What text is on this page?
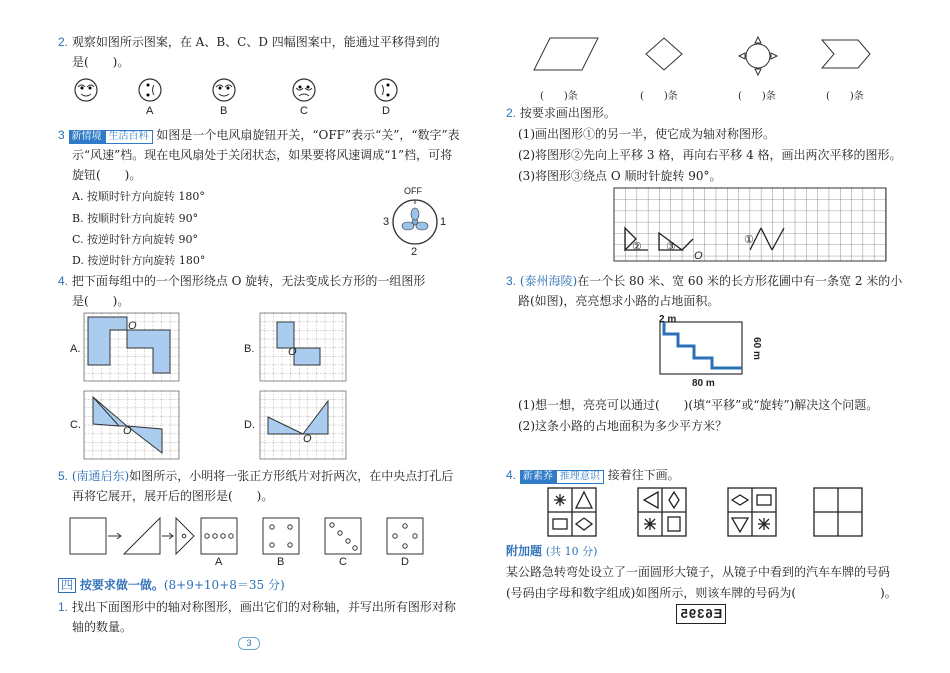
2. 观察如图所示图案，在 A、B、C、D 四幅图案中，能通过平移得到的
是(　　)。
A	B	C	D
3 新情境 生活百科 如图是一个电风扇旋钮开关，“OFF”表示“关”，“数字”表
示“风速”档。现在电风扇处于关闭状态，如果要将风速调成“1”档，可将
旋钮(　　)。
A. 按顺时针方向旋转 180°
B. 按顺时针方向旋转 90°
C. 按逆时针方向旋转 90°
D. 按逆时针方向旋转 180°
OFF
1
2
3
4. 把下面每组中的一个图形绕点 O 旋转，无法变成长方形的一组图形
是(　　)。
A.	B.
C.	D.
O
O
O
O
5. (南通启东)如图所示，小明将一张正方形纸片对折两次，在中央点打孔后
再将它展开，展开后的图形是(　　)。
A	B	C	D
四 按要求做一做。(8+9+10+8＝35 分)
1. 找出下面图形中的轴对称图形，画出它们的对称轴，并写出所有图形对称
轴的数量。
3
(　　)条	(　　)条	(　　)条	(　　)条
2. 按要求画出图形。
(1)画出图形①的另一半，使它成为轴对称图形。
(2)将图形②先向上平移 3 格，再向右平移 4 格，画出两次平移的图形。
(3)将图形③绕点 O 顺时针旋转 90°。
② ③
①
O
3. (泰州海陵)在一个长 80 米、宽 60 米的长方形花圃中有一条宽 2 米的小
路(如图)，亮亮想求小路的占地面积。
2 m
60 m
80 m
(1)想一想，亮亮可以通过(　　)(填“平移”或“旋转”)解决这个问题。
(2)这条小路的占地面积为多少平方米？
4. 新素养 推理意识 接着往下画。
附加题 (共 10 分)
某公路急转弯处设立了一面圆形大镜子，从镜子中看到的汽车车牌的号码
(号码由字母和数字组成)如图所示，则该车牌的号码为(　　　　　　　)。
E6395
